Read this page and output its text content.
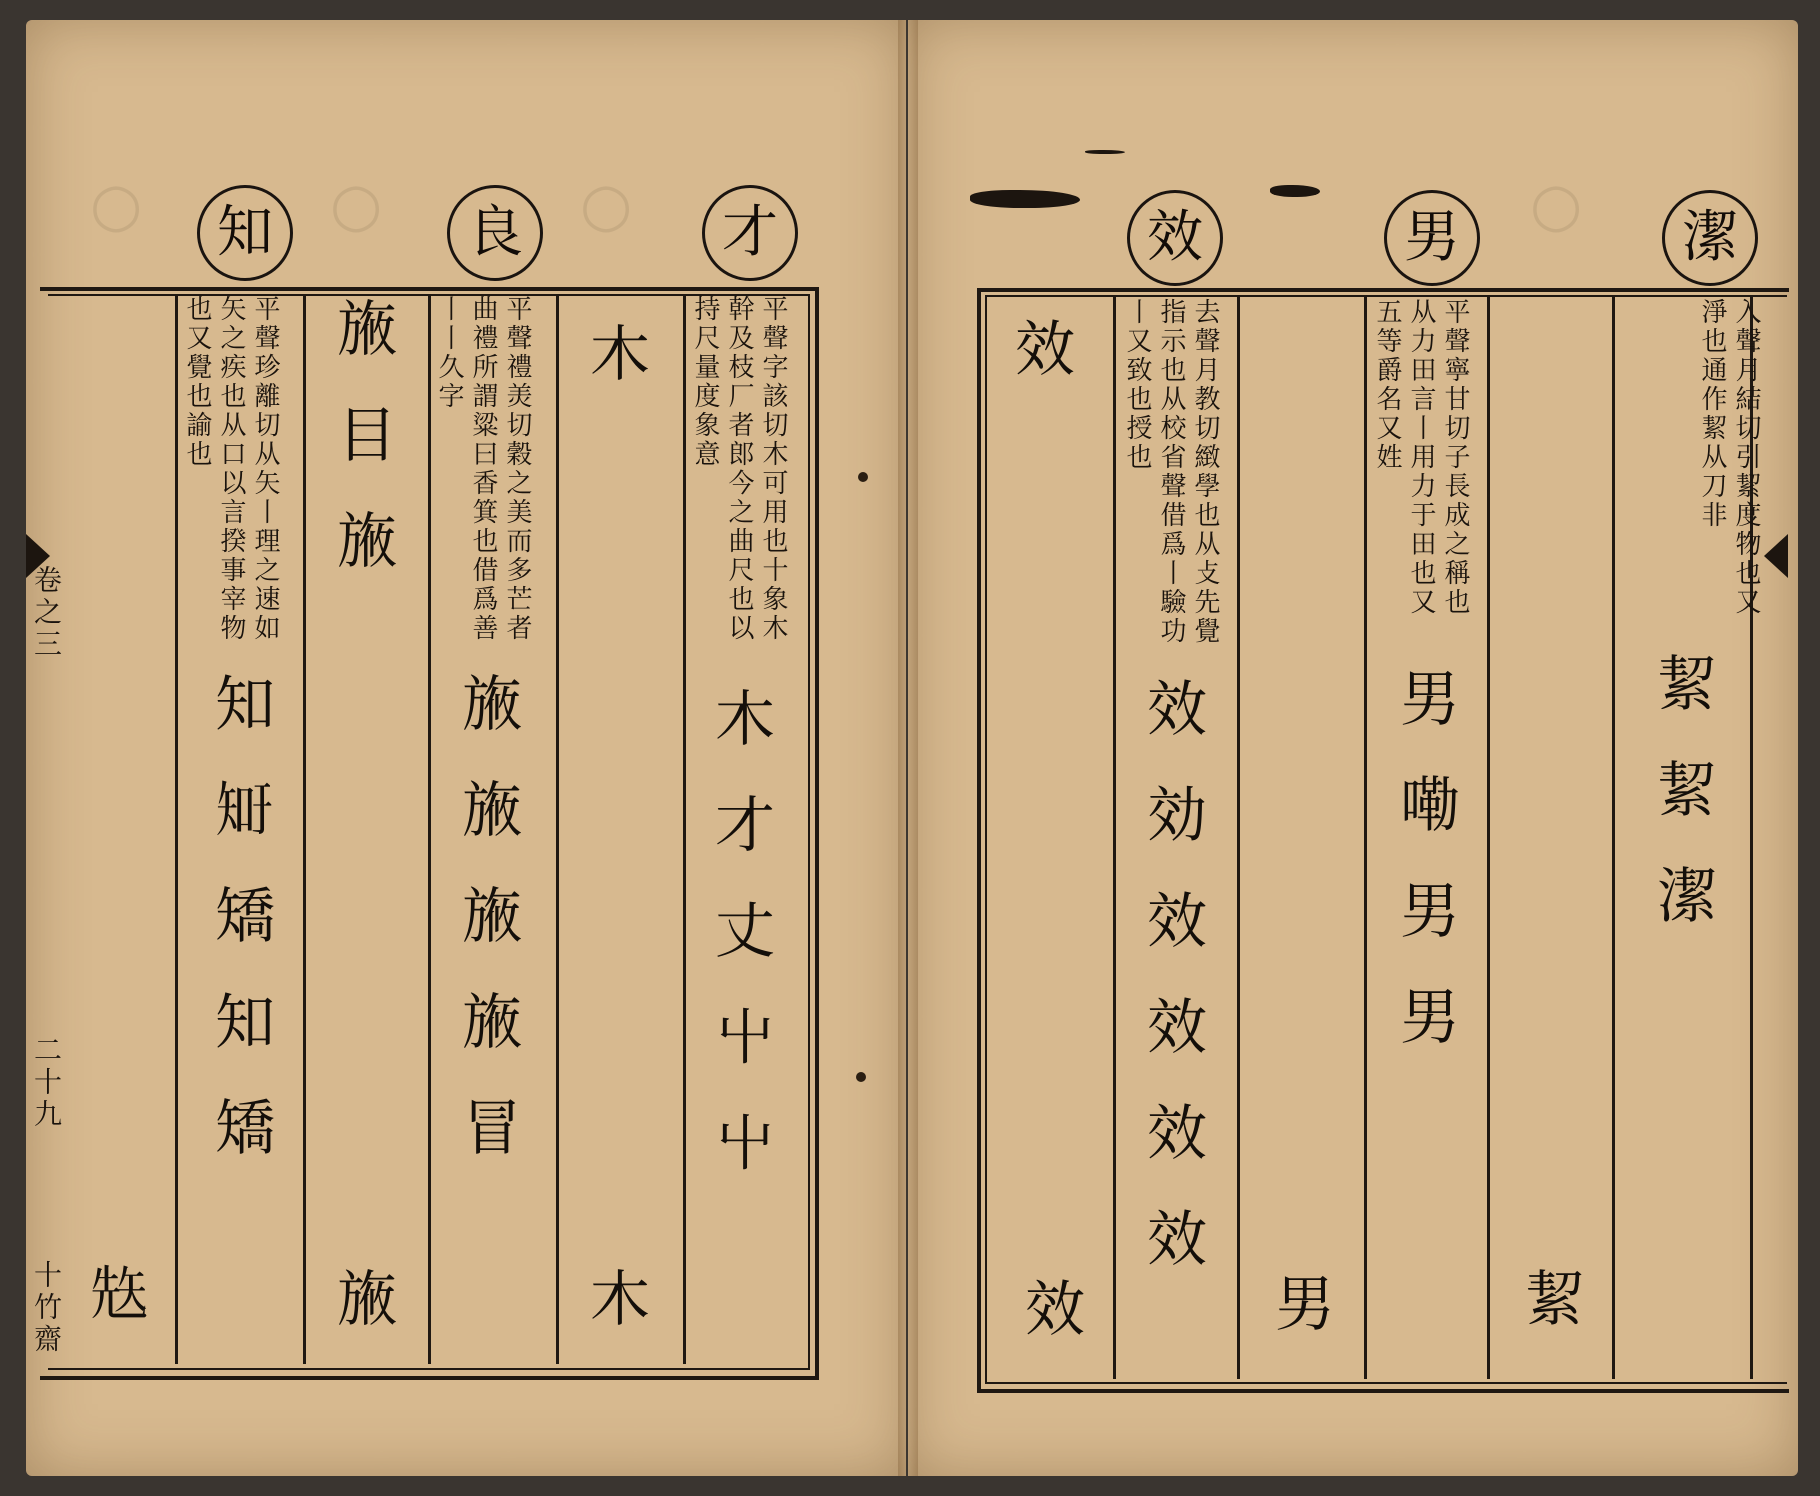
○	○	○	○
知	良	才
卷之三
二十九
十竹齋
平聲珍離切从矢丨理之速如矢之疾也从口以言揆事宰物也又覺也諭也
知
𥎿
矯
知
矯
𥏋
㫍
目
㫍
㫍
平聲禮羙切穀之美而多芒者曲禮所謂粱曰香箕也借爲善丨丨久字
㫍
㫍
㫍
㫍
冒
木
木
平聲字該切木可用也十象木幹及枝厂者郎今之曲尺也以持尺量度象意
木
才
丈
屮
屮
效	男	潔
效
效
去聲月教切緻學也从攴先覺指示也从校省聲借爲丨驗功丨又致也授也
效
効
效
效
效
效
男
平聲寧甘切子長成之稱也从力田言丨用力于田也又五等爵名又姓
男
嘞
男
男
絜
入聲月結切引絜度物也又淨也通作絜从刀非
絜
絜
潔
